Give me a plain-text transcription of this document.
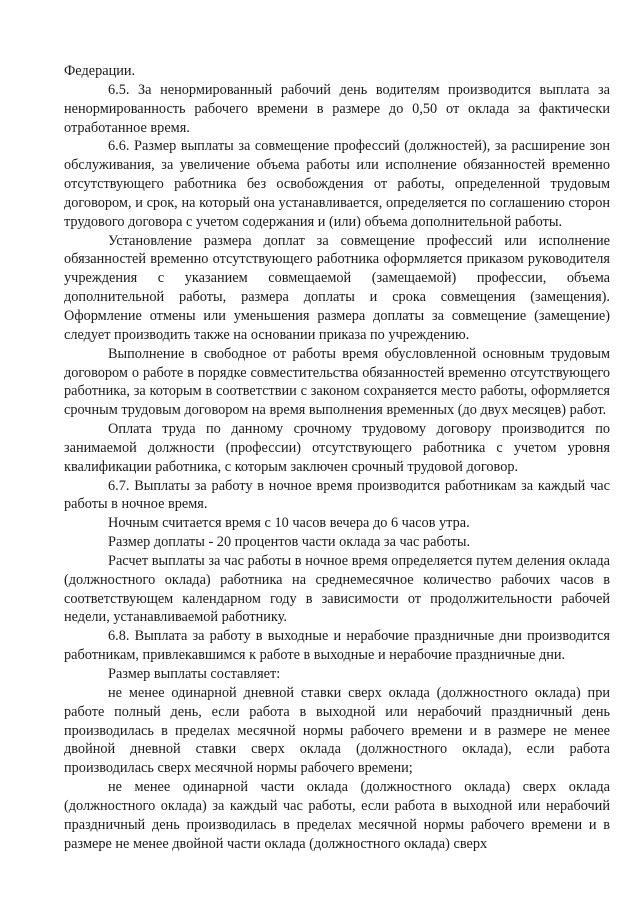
Федерации.

6.5. За ненормированный рабочий день водителям производится выплата за ненормированность рабочего времени в размере до 0,50 от оклада за фактически отработанное время.

6.6. Размер выплаты за совмещение профессий (должностей), за расширение зон обслуживания, за увеличение объема работы или исполнение обязанностей временно отсутствующего работника без освобождения от работы, определенной трудовым договором, и срок, на который она устанавливается, определяется по соглашению сторон трудового договора с учетом содержания и (или) объема дополнительной работы.

Установление размера доплат за совмещение профессий или исполнение обязанностей временно отсутствующего работника оформляется приказом руководителя учреждения с указанием совмещаемой (замещаемой) профессии, объема дополнительной работы, размера доплаты и срока совмещения (замещения). Оформление отмены или уменьшения размера доплаты за совмещение (замещение) следует производить также на основании приказа по учреждению.

Выполнение в свободное от работы время обусловленной основным трудовым договором о работе в порядке совместительства обязанностей временно отсутствующего работника, за которым в соответствии с законом сохраняется место работы, оформляется срочным трудовым договором на время выполнения временных (до двух месяцев) работ.

Оплата труда по данному срочному трудовому договору производится по занимаемой должности (профессии) отсутствующего работника с учетом уровня квалификации работника, с которым заключен срочный трудовой договор.

6.7. Выплаты за работу в ночное время производится работникам за каждый час работы в ночное время.

Ночным считается время с 10 часов вечера до 6 часов утра.

Размер доплаты - 20 процентов части оклада за час работы.

Расчет выплаты за час работы в ночное время определяется путем деления оклада (должностного оклада) работника на среднемесячное количество рабочих часов в соответствующем календарном году в зависимости от продолжительности рабочей недели, устанавливаемой работнику.

6.8. Выплата за работу в выходные и нерабочие праздничные дни производится работникам, привлекавшимся к работе в выходные и нерабочие праздничные дни.

Размер выплаты составляет:

не менее одинарной дневной ставки сверх оклада (должностного оклада) при работе полный день, если работа в выходной или нерабочий праздничный день производилась в пределах месячной нормы рабочего времени и в размере не менее двойной дневной ставки сверх оклада (должностного оклада), если работа производилась сверх месячной нормы рабочего времени;

не менее одинарной части оклада (должностного оклада) сверх оклада (должностного оклада) за каждый час работы, если работа в выходной или нерабочий праздничный день производилась в пределах месячной нормы рабочего времени и в размере не менее двойной части оклада (должностного оклада) сверх
